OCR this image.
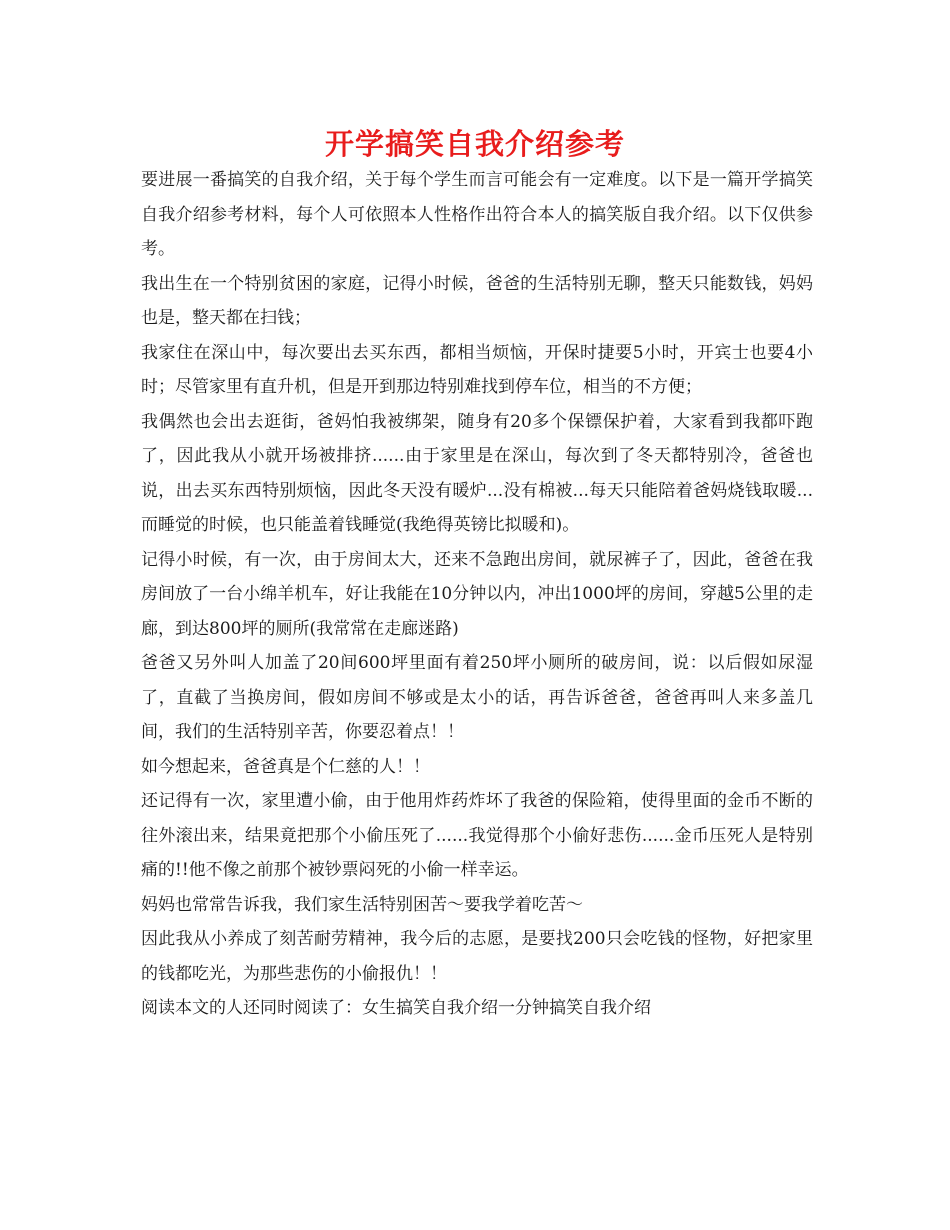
开学搞笑自我介绍参考

要进展一番搞笑的自我介绍，关于每个学生而言可能会有一定难度。以下是一篇开学搞笑自我介绍参考材料，每个人可依照本人性格作出符合本人的搞笑版自我介绍。以下仅供参考。

我出生在一个特别贫困的家庭，记得小时候，爸爸的生活特别无聊，整天只能数钱，妈妈也是，整天都在扫钱；

我家住在深山中，每次要出去买东西，都相当烦恼，开保时捷要5小时，开宾士也要4小时；尽管家里有直升机，但是开到那边特别难找到停车位，相当的不方便；

我偶然也会出去逛街，爸妈怕我被绑架，随身有20多个保镖保护着，大家看到我都吓跑了，因此我从小就开场被排挤......由于家里是在深山，每次到了冬天都特别冷，爸爸也说，出去买东西特别烦恼，因此冬天没有暖炉...没有棉被...每天只能陪着爸妈烧钱取暖...而睡觉的时候，也只能盖着钱睡觉(我绝得英镑比拟暖和)。

记得小时候，有一次，由于房间太大，还来不急跑出房间，就尿裤子了，因此，爸爸在我房间放了一台小绵羊机车，好让我能在10分钟以内，冲出1000坪的房间，穿越5公里的走廊，到达800坪的厕所(我常常在走廊迷路)

爸爸又另外叫人加盖了20间600坪里面有着250坪小厕所的破房间，说：以后假如尿湿了，直截了当换房间，假如房间不够或是太小的话，再告诉爸爸，爸爸再叫人来多盖几间，我们的生活特别辛苦，你要忍着点！！

如今想起来，爸爸真是个仁慈的人！！

还记得有一次，家里遭小偷，由于他用炸药炸坏了我爸的保险箱，使得里面的金币不断的往外滚出来，结果竟把那个小偷压死了......我觉得那个小偷好悲伤......金币压死人是特别痛的!!他不像之前那个被钞票闷死的小偷一样幸运。

妈妈也常常告诉我，我们家生活特别困苦～要我学着吃苦～

因此我从小养成了刻苦耐劳精神，我今后的志愿，是要找200只会吃钱的怪物，好把家里的钱都吃光，为那些悲伤的小偷报仇！！

阅读本文的人还同时阅读了：女生搞笑自我介绍一分钟搞笑自我介绍
